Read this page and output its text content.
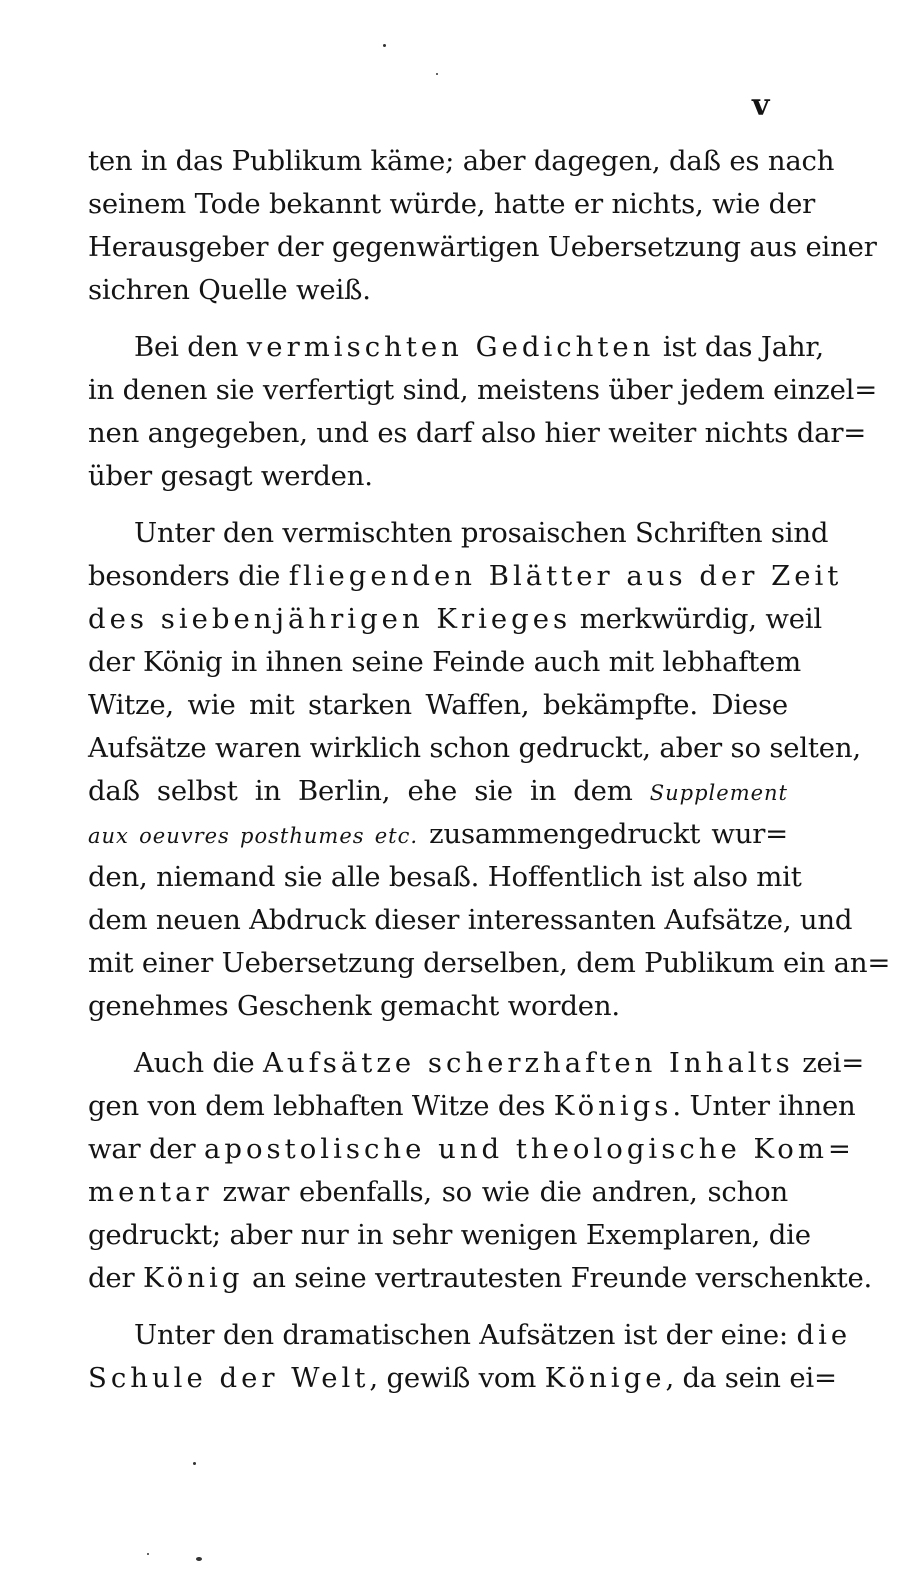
v
ten in das Publikum käme; aber dagegen, daß es nach
seinem Tode bekannt würde, hatte er nichts, wie der
Herausgeber der gegenwärtigen Uebersetzung aus einer
sichren Quelle weiß.
Bei den vermischten Gedichten ist das Jahr,
in denen sie verfertigt sind, meistens über jedem einzel=
nen angegeben, und es darf also hier weiter nichts dar=
über gesagt werden.
Unter den vermischten prosaischen Schriften sind
besonders die fliegenden Blätter aus der Zeit
des siebenjährigen Krieges merkwürdig, weil
der König in ihnen seine Feinde auch mit lebhaftem
Witze, wie mit starken Waffen, bekämpfte. Diese
Aufsätze waren wirklich schon gedruckt, aber so selten,
daß selbst in Berlin, ehe sie in dem Supplement
aux oeuvres posthumes etc. zusammengedruckt wur=
den, niemand sie alle besaß. Hoffentlich ist also mit
dem neuen Abdruck dieser interessanten Aufsätze, und
mit einer Uebersetzung derselben, dem Publikum ein an=
genehmes Geschenk gemacht worden.
Auch die Aufsätze scherzhaften Inhalts zei=
gen von dem lebhaften Witze des Königs. Unter ihnen
war der apostolische und theologische Kom=
mentar zwar ebenfalls, so wie die andren, schon
gedruckt; aber nur in sehr wenigen Exemplaren, die
der König an seine vertrautesten Freunde verschenkte.
Unter den dramatischen Aufsätzen ist der eine: die
Schule der Welt, gewiß vom Könige, da sein ei=
